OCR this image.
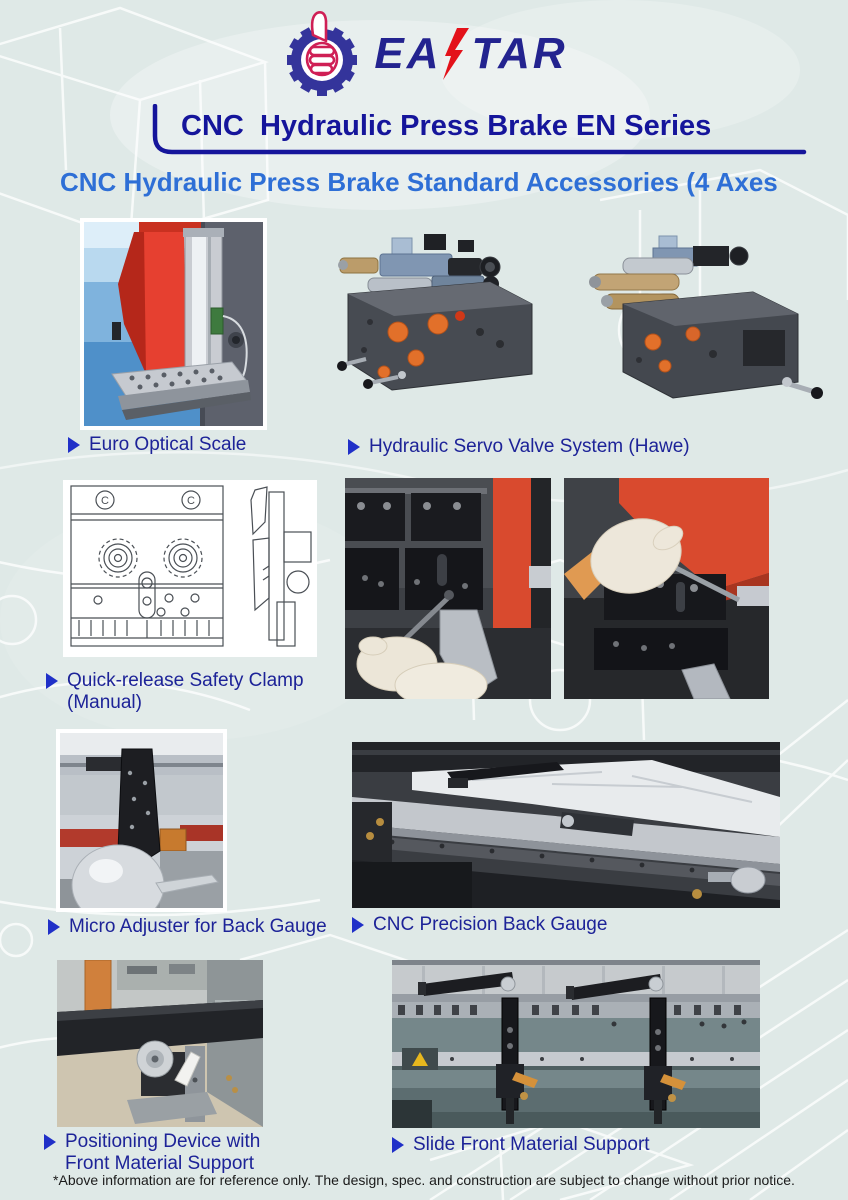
EA TAR
CNC  Hydraulic Press Brake EN Series
CNC Hydraulic Press Brake Standard Accessories (4 Axes
Euro Optical Scale	Hydraulic Servo Valve System (Hawe)
C	C
Quick-release Safety Clamp
(Manual)
Micro Adjuster for Back Gauge CNC Precision Back Gauge
Positioning Device with
Front Material Support
Slide Front Material Support
*Above information are for reference only. The design, spec. and construction are subject to change without prior notice.
